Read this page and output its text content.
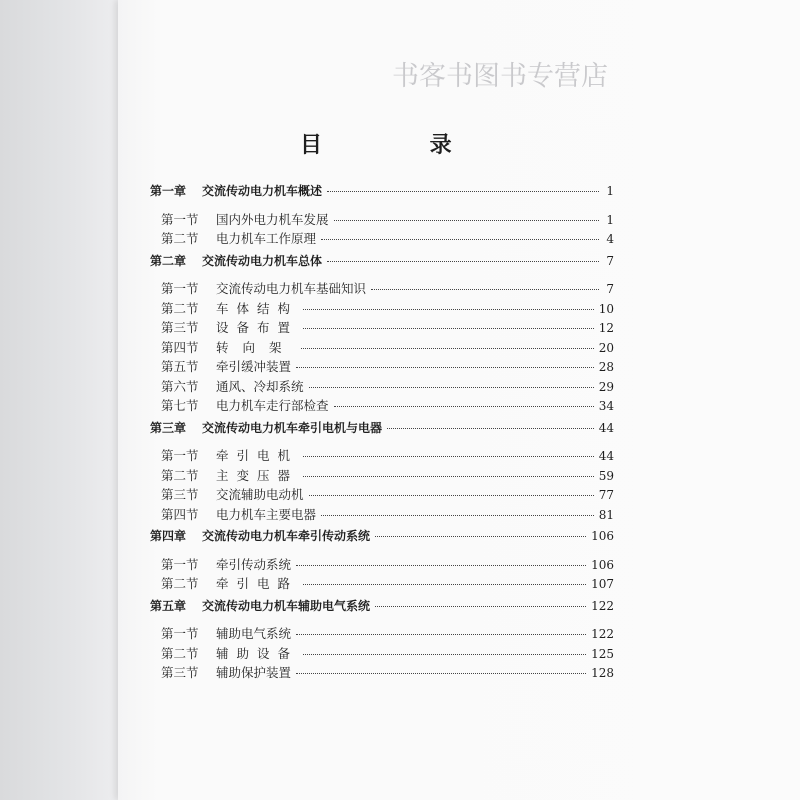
书客书图书专营店
目 录
第一章	交流传动电力机车概述	1
第一节	国内外电力机车发展	1
第二节	电力机车工作原理	4
第二章	交流传动电力机车总体	7
第一节	交流传动电力机车基础知识	7
第二节	车体结构	10
第三节	设备布置	12
第四节	转向架	20
第五节	牵引缓冲装置	28
第六节	通风、冷却系统	29
第七节	电力机车走行部检查	34
第三章	交流传动电力机车牵引电机与电器	44
第一节	牵引电机	44
第二节	主变压器	59
第三节	交流辅助电动机	77
第四节	电力机车主要电器	81
第四章	交流传动电力机车牵引传动系统	106
第一节	牵引传动系统	106
第二节	牵引电路	107
第五章	交流传动电力机车辅助电气系统	122
第一节	辅助电气系统	122
第二节	辅助设备	125
第三节	辅助保护装置	128
